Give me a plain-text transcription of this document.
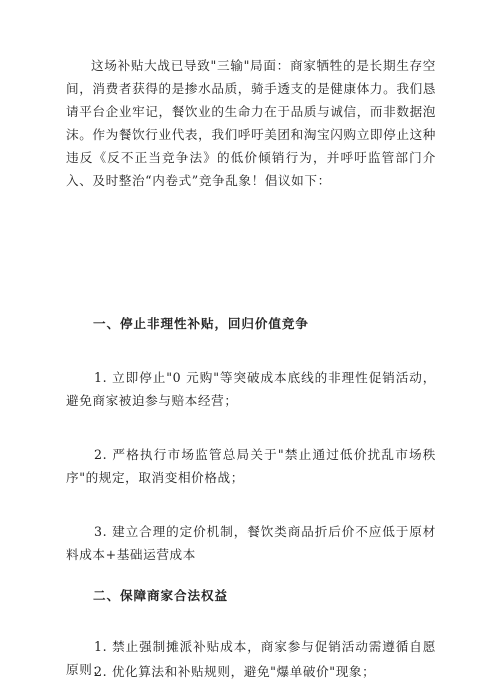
这场补贴大战已导致"三输"局面：商家牺牲的是长期生存空间，消费者获得的是掺水品质，骑手透支的是健康体力。我们恳请平台企业牢记，餐饮业的生命力在于品质与诚信，而非数据泡沫。作为餐饮行业代表，我们呼吁美团和淘宝闪购立即停止这种违反《反不正当竞争法》的低价倾销行为，并呼吁监管部门介入、及时整治“内卷式”竞争乱象！倡议如下：

一、停止非理性补贴，回归价值竞争

1. 立即停止"0 元购"等突破成本底线的非理性促销活动，避免商家被迫参与赔本经营；

2. 严格执行市场监管总局关于"禁止通过低价扰乱市场秩序"的规定，取消变相价格战；

3. 建立合理的定价机制，餐饮类商品折后价不应低于原材料成本+基础运营成本

二、保障商家合法权益

1. 禁止强制摊派补贴成本，商家参与促销活动需遵循自愿原则；

2. 优化算法和补贴规则，避免"爆单破价"现象；
